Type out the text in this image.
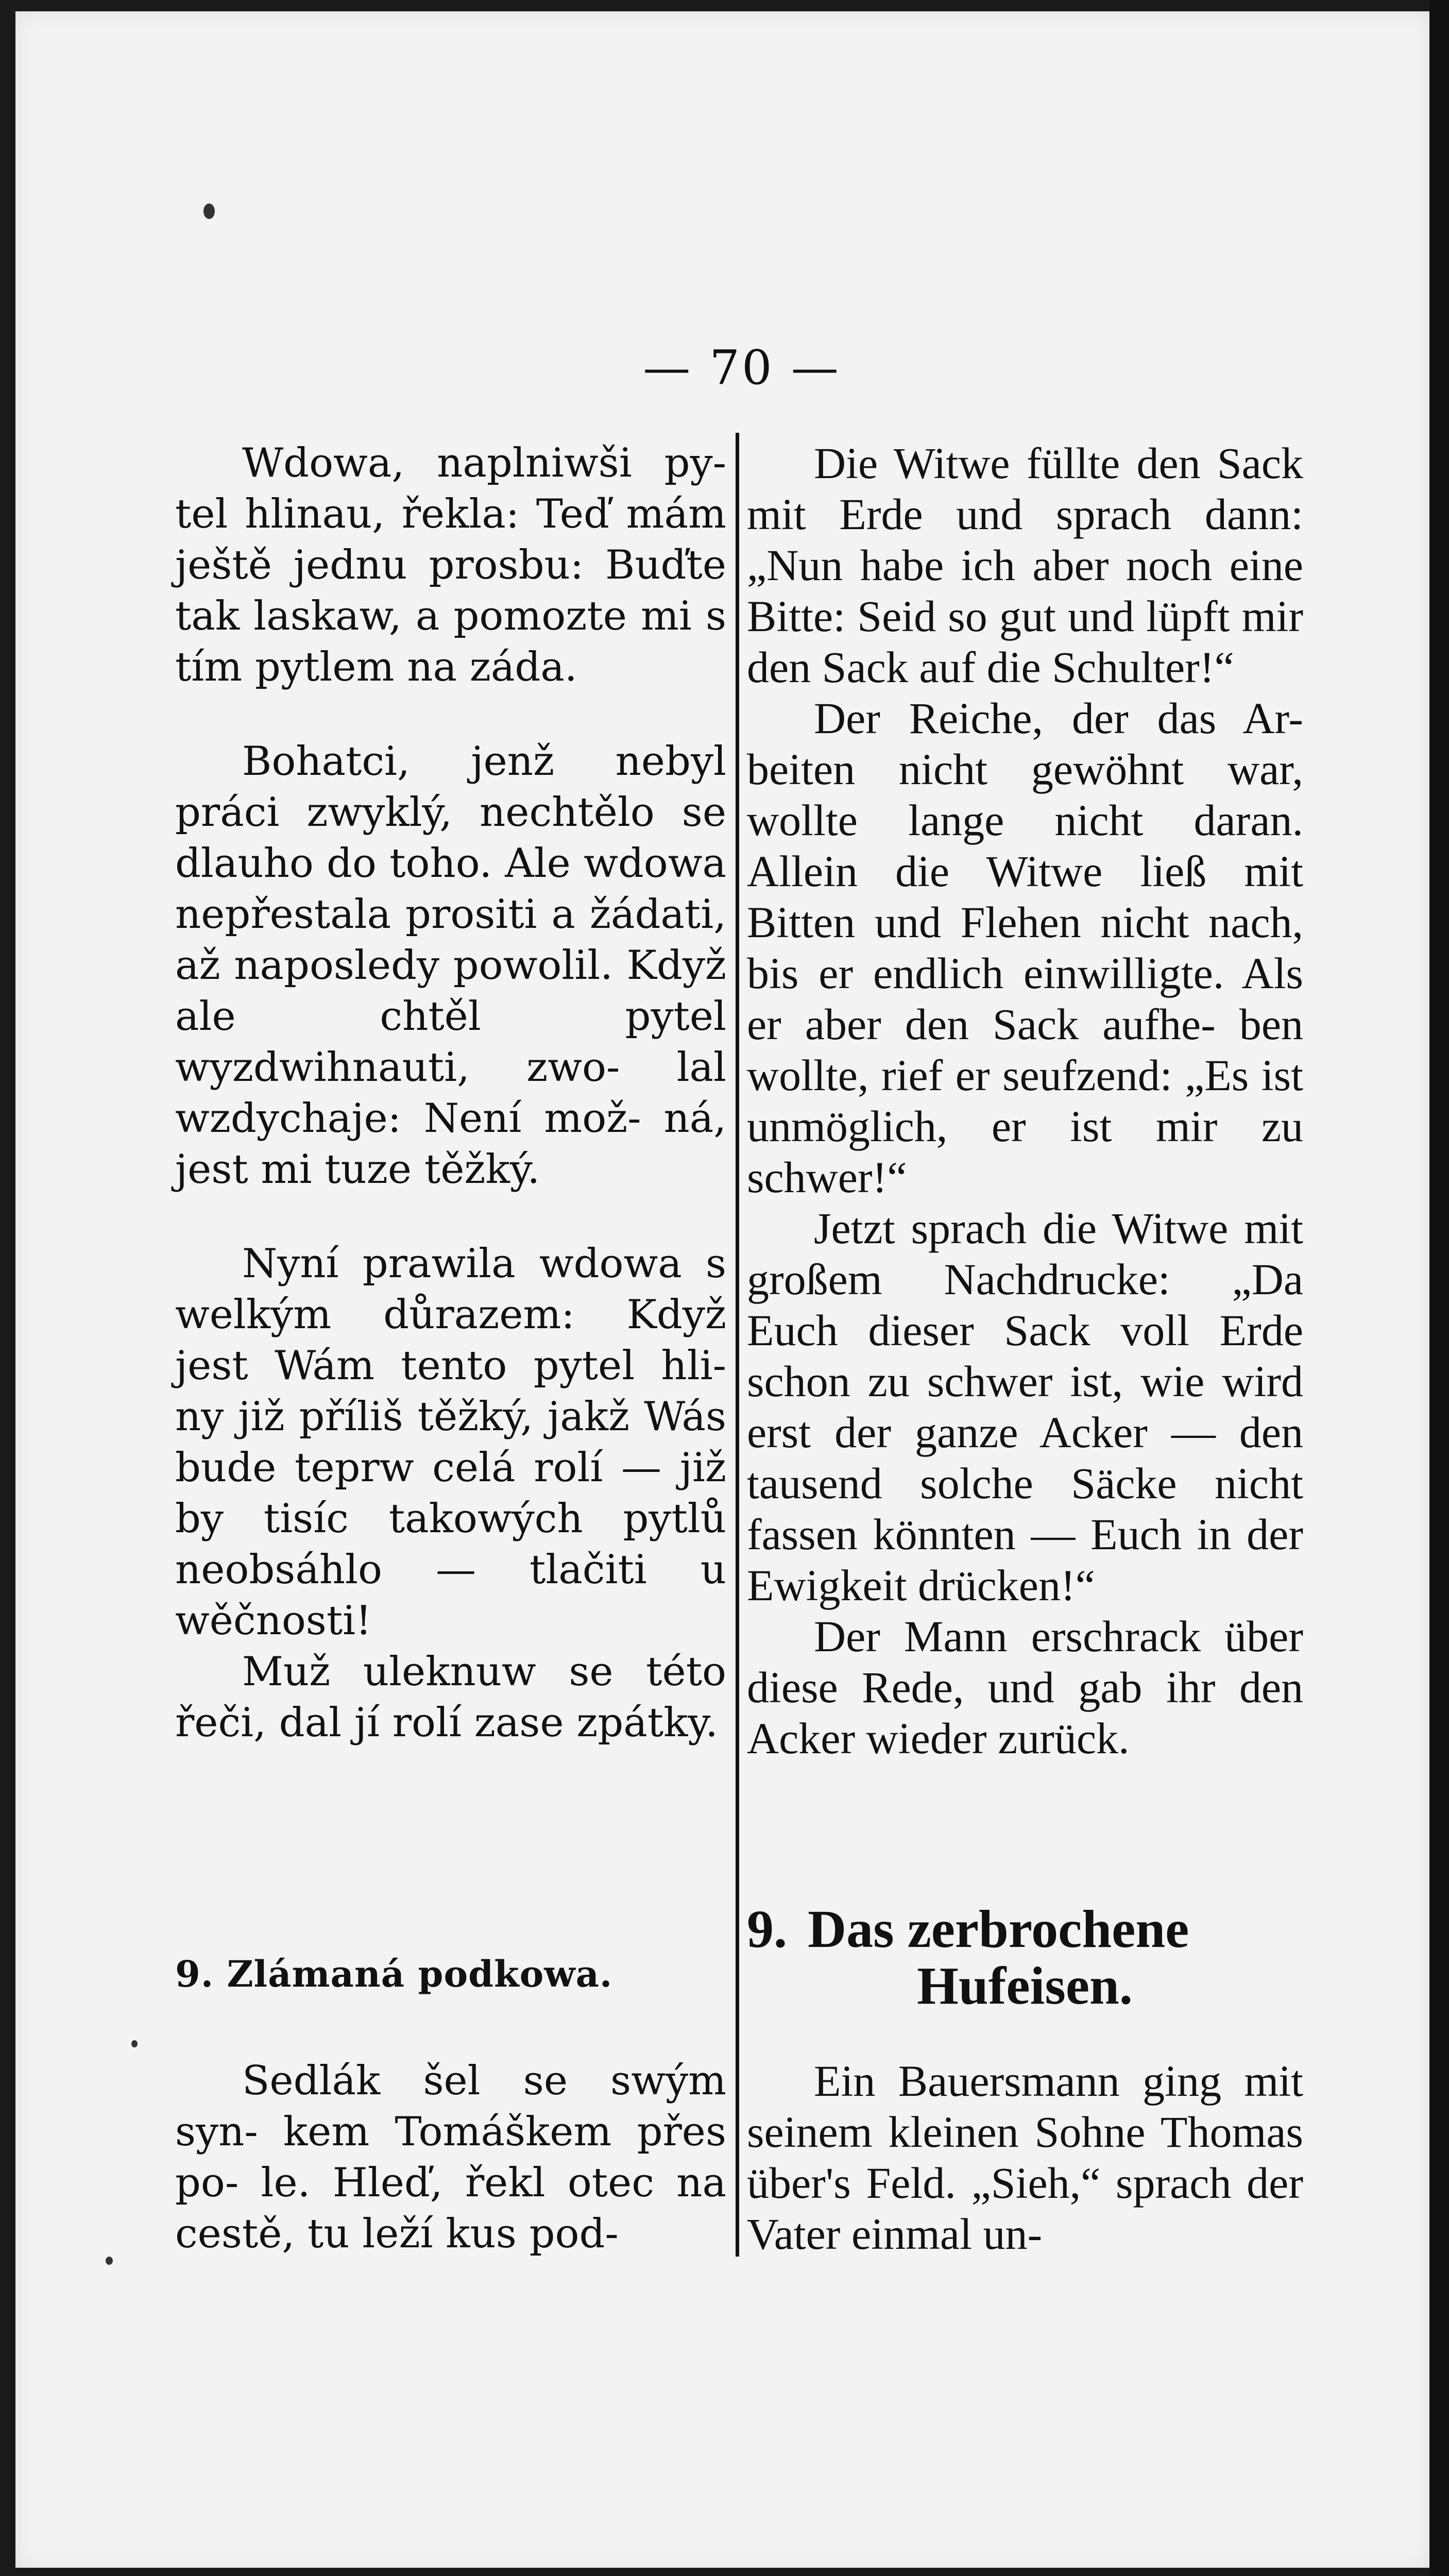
— 70 —

Wdowa, naplniwši py- tel hlinau, řekla: Teď mám ještě jednu prosbu: Buďte tak laskaw, a pomozte mi s tím pytlem na záda.

Bohatci, jenž nebyl práci zwyklý, nechtělo se dlauho do toho. Ale wdowa nepřestala prositi a žádati, až naposledy powolil. Když ale chtěl pytel wyzdwihnauti, zwo- lal wzdychaje: Není mož- ná, jest mi tuze těžký.

Nyní prawila wdowa s welkým důrazem: Když jest Wám tento pytel hli- ny již příliš těžký, jakž Wás bude teprw celá rolí — již by tisíc takowých pytlů neobsáhlo — tlačiti u wěčnosti!

Muž uleknuw se této řeči, dal jí rolí zase zpátky.

Die Witwe füllte den Sack mit Erde und sprach dann: „Nun habe ich aber noch eine Bitte: Seid so gut und lüpft mir den Sack auf die Schulter!“

Der Reiche, der das Ar- beiten nicht gewöhnt war, wollte lange nicht daran. Allein die Witwe ließ mit Bitten und Flehen nicht nach, bis er endlich einwilligte. Als er aber den Sack aufhe- ben wollte, rief er seufzend: „Es ist unmöglich, er ist mir zu schwer!“

Jetzt sprach die Witwe mit großem Nachdrucke: „Da Euch dieser Sack voll Erde schon zu schwer ist, wie wird erst der ganze Acker — den tausend solche Säcke nicht fassen könnten — Euch in der Ewigkeit drücken!“

Der Mann erschrack über diese Rede, und gab ihr den Acker wieder zurück.

9. Zlámaná podkowa.
9. Das zerbrochene
Hufeisen.

Sedlák šel se swým syn- kem Tomáškem přes po- le. Hleď, řekl otec na cestě, tu leží kus pod-

Ein Bauersmann ging mit seinem kleinen Sohne Thomas über's Feld. „Sieh,“ sprach der Vater einmal un-
